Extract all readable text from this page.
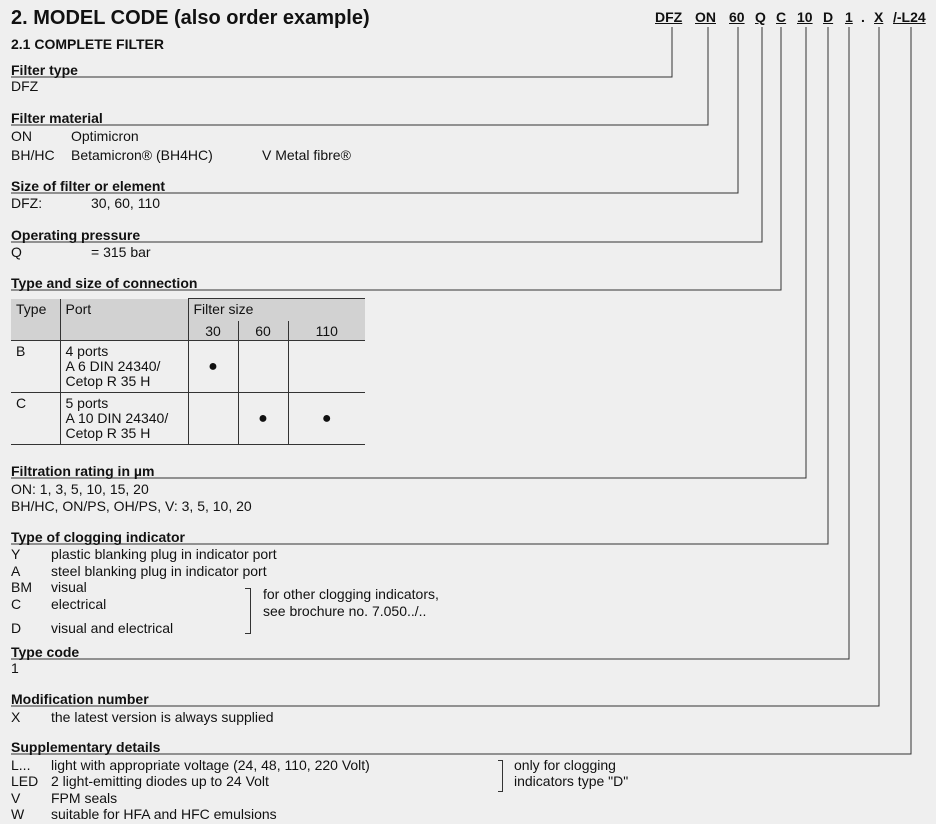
2. MODEL CODE (also order example)
2.1 COMPLETE FILTER
DFZ ON 60 Q C 10 D 1 . X /-L24
Filter type
DFZ
Filter material
ON	Optimicron
BH/HC Betamicron® (BH4HC)	V Metal fibre®
Size of filter or element
DFZ:	30, 60, 110
Operating pressure
Q	= 315 bar
Type and size of connection
Type	Port	Filter size		
		30	60	110
B	4 ports
A 6 DIN 24340/
Cetop R 35 H	●		
C	5 ports
A 10 DIN 24340/
Cetop R 35 H		●	●
Filtration rating in µm
ON: 1, 3, 5, 10, 15, 20
BH/HC, ON/PS, OH/PS, V: 3, 5, 10, 20
Type of clogging indicator
Y plastic blanking plug in indicator port
A steel blanking plug in indicator port
BM visual
C electrical
D visual and electrical
for other clogging indicators,
see brochure no. 7.050../..
Type code
1
Modification number
X the latest version is always supplied
Supplementary details
L... light with appropriate voltage (24, 48, 110, 220 Volt)
LED 2 light-emitting diodes up to 24 Volt
V FPM seals
W suitable for HFA and HFC emulsions
only for clogging
indicators type "D"
